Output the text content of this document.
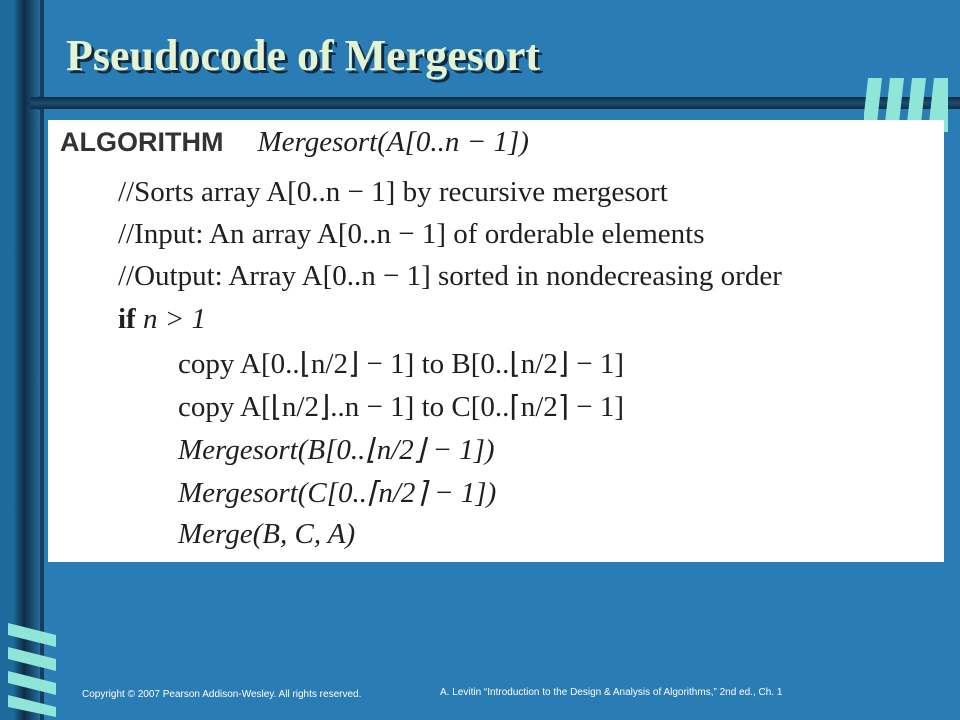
Pseudocode of Mergesort
ALGORITHM Mergesort(A[0..n − 1])
//Sorts array A[0..n − 1] by recursive mergesort
//Input: An array A[0..n − 1] of orderable elements
//Output: Array A[0..n − 1] sorted in nondecreasing order
if n > 1
copy A[0..⌊n/2⌋ − 1] to B[0..⌊n/2⌋ − 1]
copy A[⌊n/2⌋..n − 1] to C[0..⌈n/2⌉ − 1]
Mergesort(B[0..⌊n/2⌋ − 1])
Mergesort(C[0..⌈n/2⌉ − 1])
Merge(B, C, A)
Copyright © 2007 Pearson Addison-Wesley. All rights reserved.	A. Levitin “Introduction to the Design & Analysis of Algorithms,” 2nd ed., Ch. 1
